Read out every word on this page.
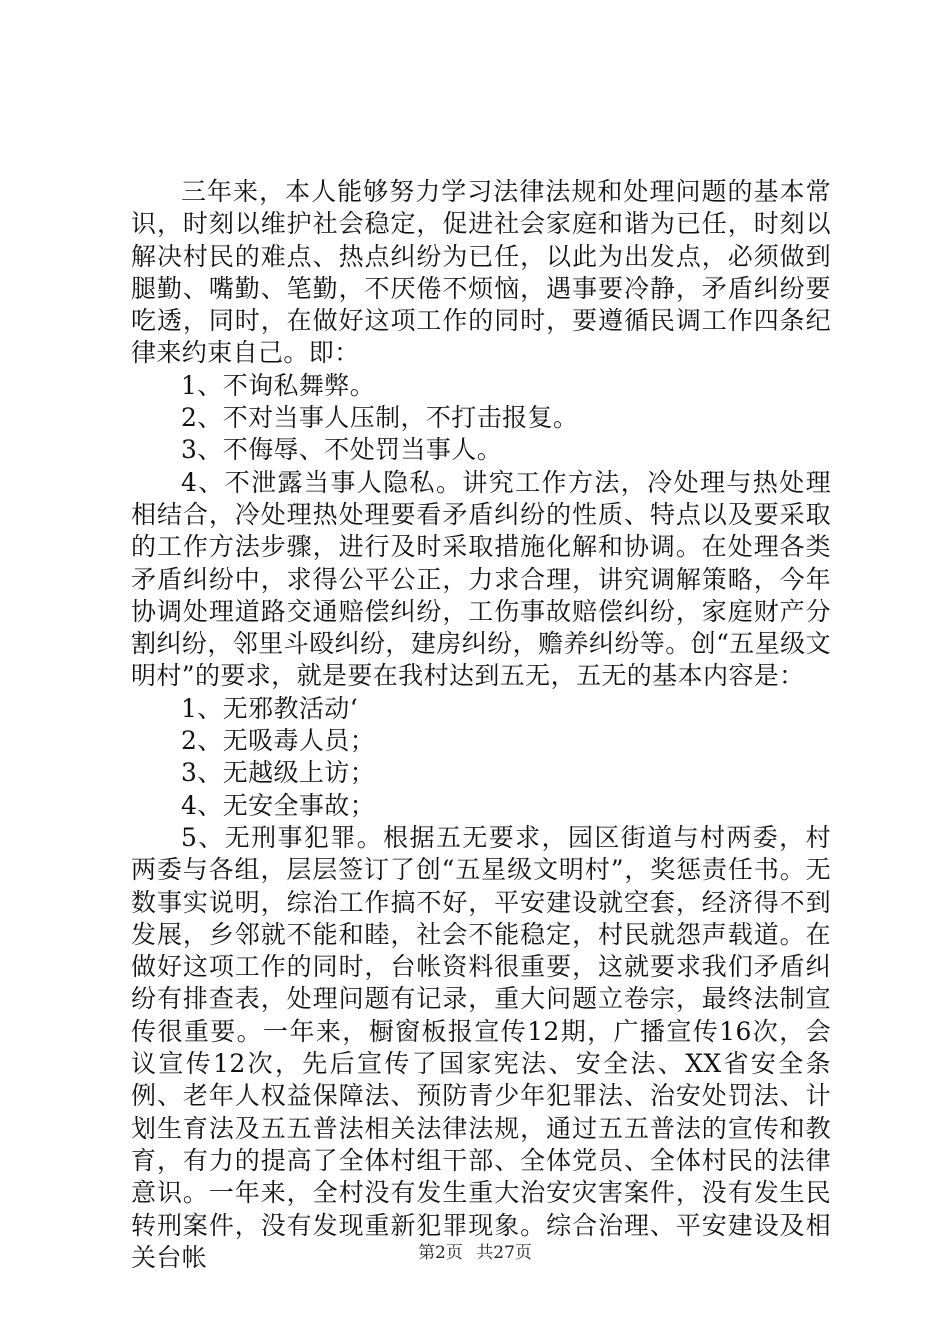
三年来，本人能够努力学习法律法规和处理问题的基本常识，时刻以维护社会稳定，促进社会家庭和谐为已任，时刻以解决村民的难点、热点纠纷为已任，以此为出发点，必须做到腿勤、嘴勤、笔勤，不厌倦不烦恼，遇事要冷静，矛盾纠纷要吃透，同时，在做好这项工作的同时，要遵循民调工作四条纪律来约束自己。即：

1、不询私舞弊。

2、不对当事人压制，不打击报复。

3、不侮辱、不处罚当事人。

4、不泄露当事人隐私。讲究工作方法，冷处理与热处理相结合，冷处理热处理要看矛盾纠纷的性质、特点以及要采取的工作方法步骤，进行及时采取措施化解和协调。在处理各类矛盾纠纷中，求得公平公正，力求合理，讲究调解策略，今年协调处理道路交通赔偿纠纷，工伤事故赔偿纠纷，家庭财产分割纠纷，邻里斗殴纠纷，建房纠纷，赡养纠纷等。创“五星级文明村”的要求，就是要在我村达到五无，五无的基本内容是：

1、无邪教活动‘

2、无吸毒人员；

3、无越级上访；

4、无安全事故；

5、无刑事犯罪。根据五无要求，园区街道与村两委，村两委与各组，层层签订了创“五星级文明村”，奖惩责任书。无数事实说明，综治工作搞不好，平安建设就空套，经济得不到发展，乡邻就不能和睦，社会不能稳定，村民就怨声载道。在做好这项工作的同时，台帐资料很重要，这就要求我们矛盾纠纷有排查表，处理问题有记录，重大问题立卷宗，最终法制宣传很重要。一年来，橱窗板报宣传12期，广播宣传16次，会议宣传12次，先后宣传了国家宪法、安全法、XX省安全条例、老年人权益保障法、预防青少年犯罪法、治安处罚法、计划生育法及五五普法相关法律法规，通过五五普法的宣传和教育，有力的提高了全体村组干部、全体党员、全体村民的法律意识。一年来，全村没有发生重大治安灾害案件，没有发生民转刑案件，没有发现重新犯罪现象。综合治理、平安建设及相关台帐	第2页 共27页
